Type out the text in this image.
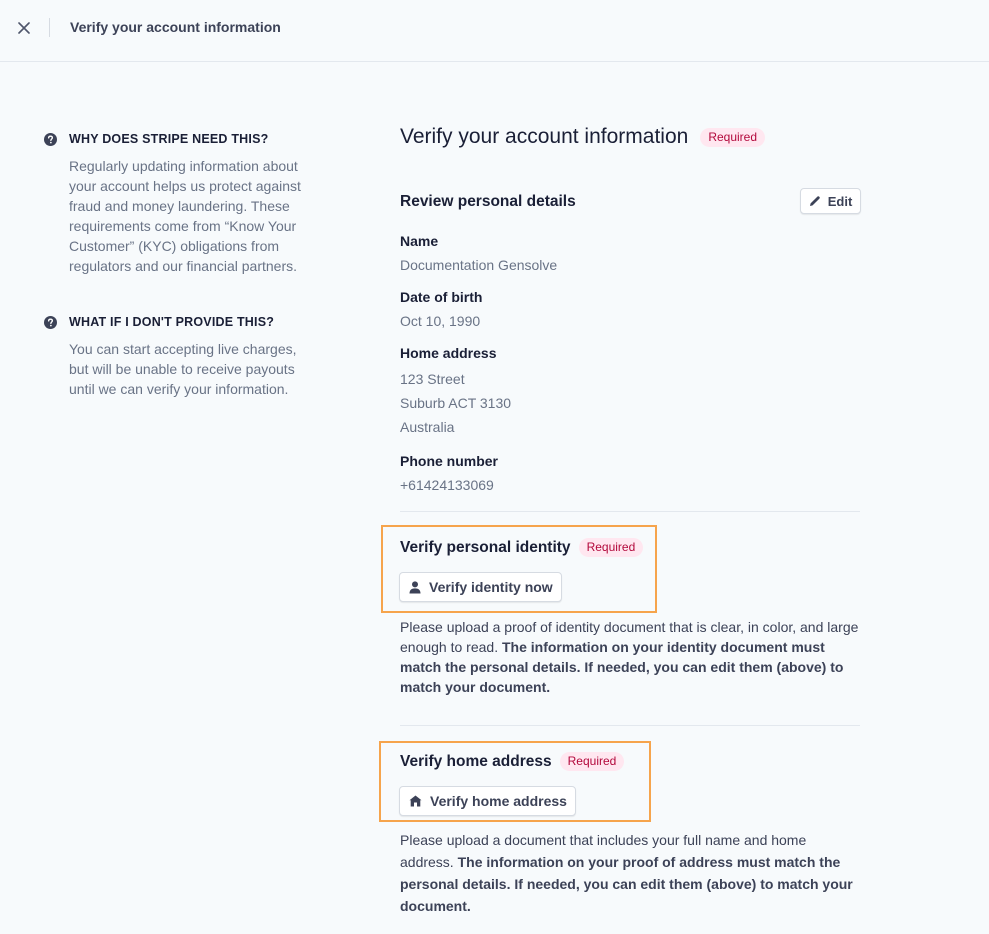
Verify your account information
WHY DOES STRIPE NEED THIS?
Regularly updating information about your account helps us protect against fraud and money laundering. These requirements come from “Know Your Customer” (KYC) obligations from regulators and our financial partners.
WHAT IF I DON'T PROVIDE THIS?
You can start accepting live charges, but will be unable to receive payouts until we can verify your information.
Verify your account information	Required
Review personal details	Edit
Name
Documentation Gensolve
Date of birth
Oct 10, 1990
Home address
123 Street
Suburb ACT 3130
Australia
Phone number
+61424133069
Verify personal identity	Required
Verify identity now
Please upload a proof of identity document that is clear, in color, and large enough to read. The information on your identity document must match the personal details. If needed, you can edit them (above) to match your document.
Verify home address	Required
Verify home address
Please upload a document that includes your full name and home address. The information on your proof of address must match the personal details. If needed, you can edit them (above) to match your document.
